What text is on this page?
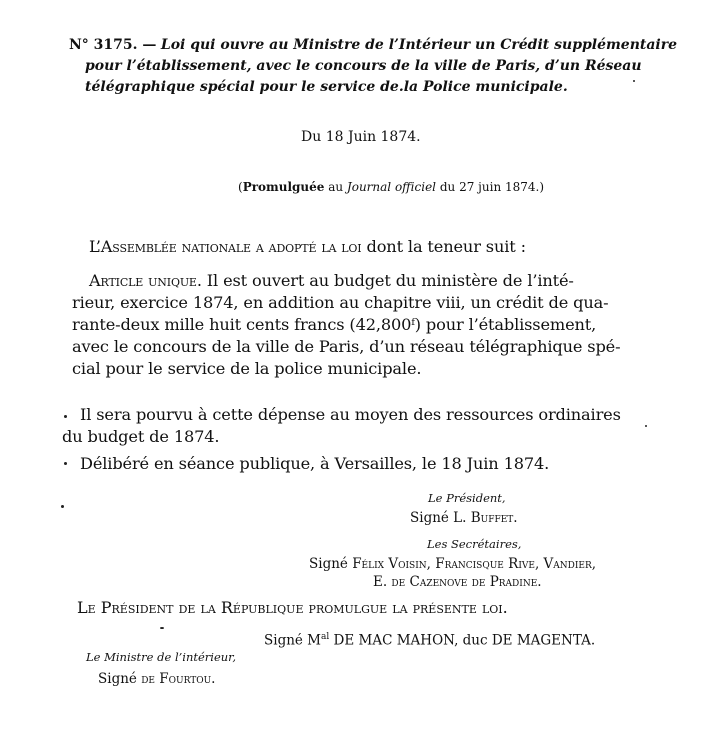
N° 3175. — Loi qui ouvre au Ministre de l’Intérieur un Crédit supplémentaire
pour l’établissement, avec le concours de la ville de Paris, d’un Réseau
télégraphique spécial pour le service de.la Police municipale.
Du 18 Juin 1874.
(Promulguée au Journal officiel du 27 juin 1874.)
L’Assemblée nationale a adopté la loi dont la teneur suit :
Article unique. Il est ouvert au budget du ministère de l’inté-
rieur, exercice 1874, en addition au chapitre viii, un crédit de qua-
rante-deux mille huit cents francs (42,800ᶠ) pour l’établissement,
avec le concours de la ville de Paris, d’un réseau télégraphique spé-
cial pour le service de la police municipale.
Il sera pourvu à cette dépense au moyen des ressources ordinaires
du budget de 1874.
Délibéré en séance publique, à Versailles, le 18 Juin 1874.
Le Président,
Signé L. Buffet.
Les Secrétaires,
Signé Félix Voisin, Francisque Rive, Vandier,
E. de Cazenove de Pradine.
Le Président de la République promulgue la présente loi.
Signé $M^{al}$ DE MAC MAHON, duc DE MAGENTA.
Le Ministre de l’intérieur,
Signé de Fourtou.
